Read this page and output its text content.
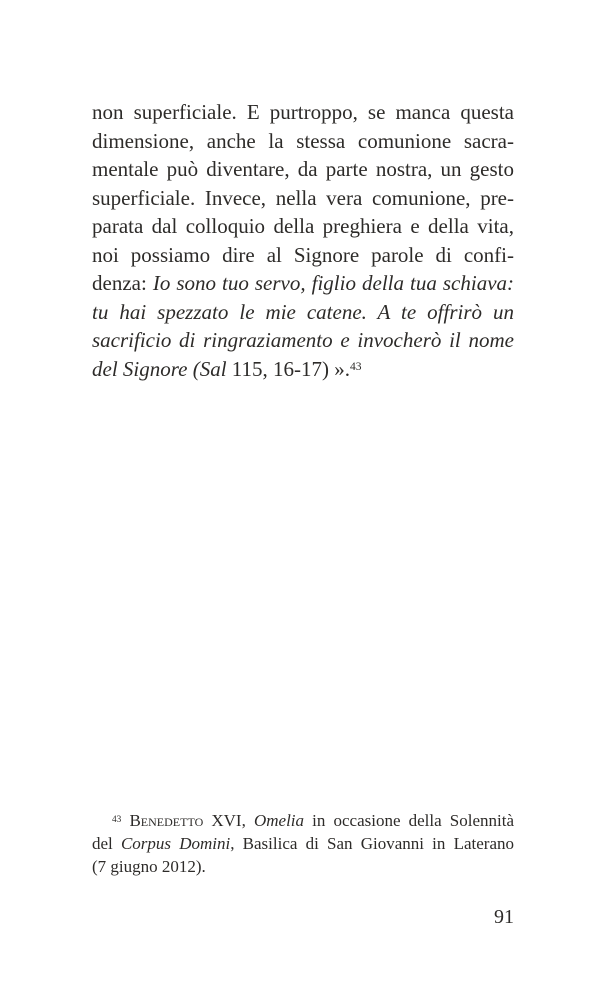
non superficiale. E purtroppo, se manca questa
dimensione, anche la stessa comunione sacra-
mentale può diventare, da parte nostra, un gesto
superficiale. Invece, nella vera comunione, pre-
parata dal colloquio della preghiera e della vita,
noi possiamo dire al Signore parole di confi-
denza: Io sono tuo servo, figlio della tua schiava:
tu hai spezzato le mie catene. A te offrirò un
sacrificio di ringraziamento e invocherò il nome
del Signore (Sal 115, 16-17) ».$^{43}$
$^{43}$ Benedetto XVI, Omelia in occasione della Solennità
del Corpus Domini, Basilica di San Giovanni in Laterano
(7 giugno 2012).
91
